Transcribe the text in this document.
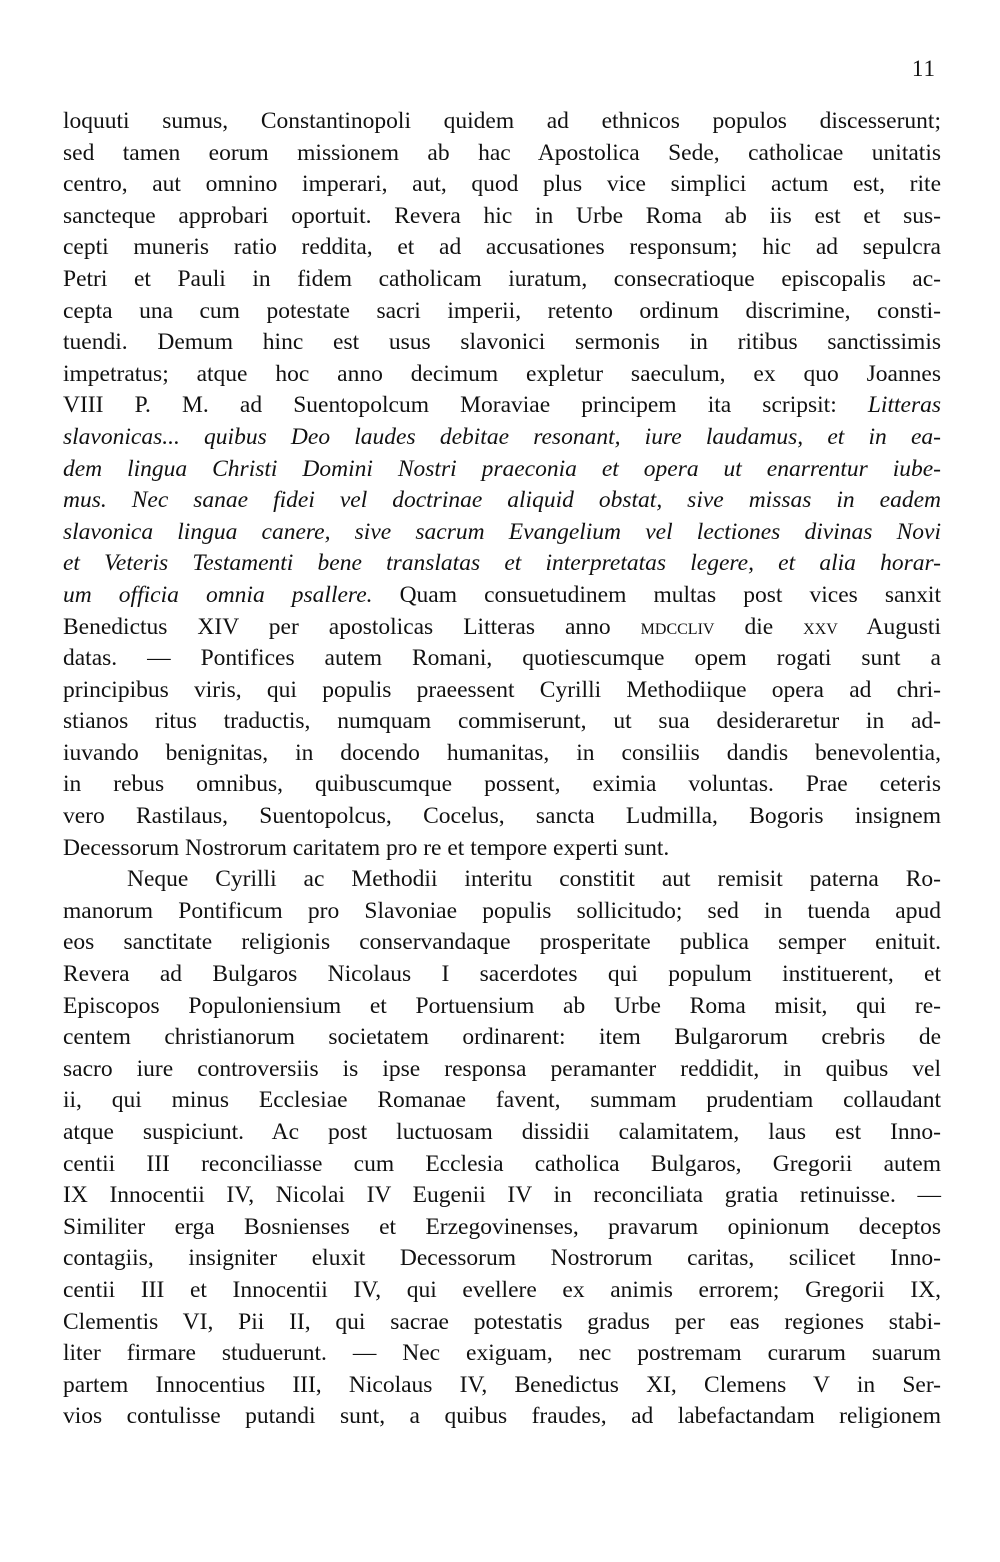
11
loquuti sumus, Constantinopoli quidem ad ethnicos populos discesserunt;
sed tamen eorum missionem ab hac Apostolica Sede, catholicae unitatis
centro, aut omnino imperari, aut, quod plus vice simplici actum est, rite
sancteque approbari oportuit. Revera hic in Urbe Roma ab iis est et sus-
cepti muneris ratio reddita, et ad accusationes responsum; hic ad sepulcra
Petri et Pauli in fidem catholicam iuratum, consecratioque episcopalis ac-
cepta una cum potestate sacri imperii, retento ordinum discrimine, consti-
tuendi. Demum hinc est usus slavonici sermonis in ritibus sanctissimis
impetratus; atque hoc anno decimum expletur saeculum, ex quo Joannes
VIII P. M. ad Suentopolcum Moraviae principem ita scripsit: Litteras
slavonicas... quibus Deo laudes debitae resonant, iure laudamus, et in ea-
dem lingua Christi Domini Nostri praeconia et opera ut enarrentur iube-
mus. Nec sanae fidei vel doctrinae aliquid obstat, sive missas in eadem
slavonica lingua canere, sive sacrum Evangelium vel lectiones divinas Novi
et Veteris Testamenti bene translatas et interpretatas legere, et alia horar-
um officia omnia psallere. Quam consuetudinem multas post vices sanxit
Benedictus XIV per apostolicas Litteras anno mdccliv die xxv Augusti
datas. — Pontifices autem Romani, quotiescumque opem rogati sunt a
principibus viris, qui populis praeessent Cyrilli Methodiique opera ad chri-
stianos ritus traductis, numquam commiserunt, ut sua desideraretur in ad-
iuvando benignitas, in docendo humanitas, in consiliis dandis benevolentia,
in rebus omnibus, quibuscumque possent, eximia voluntas. Prae ceteris
vero Rastilaus, Suentopolcus, Cocelus, sancta Ludmilla, Bogoris insignem
Decessorum Nostrorum caritatem pro re et tempore experti sunt.
Neque Cyrilli ac Methodii interitu constitit aut remisit paterna Ro-
manorum Pontificum pro Slavoniae populis sollicitudo; sed in tuenda apud
eos sanctitate religionis conservandaque prosperitate publica semper enituit.
Revera ad Bulgaros Nicolaus I sacerdotes qui populum instituerent, et
Episcopos Populoniensium et Portuensium ab Urbe Roma misit, qui re-
centem christianorum societatem ordinarent: item Bulgarorum crebris de
sacro iure controversiis is ipse responsa peramanter reddidit, in quibus vel
ii, qui minus Ecclesiae Romanae favent, summam prudentiam collaudant
atque suspiciunt. Ac post luctuosam dissidii calamitatem, laus est Inno-
centii III reconciliasse cum Ecclesia catholica Bulgaros, Gregorii autem
IX Innocentii IV, Nicolai IV Eugenii IV in reconciliata gratia retinuisse. —
Similiter erga Bosnienses et Erzegovinenses, pravarum opinionum deceptos
contagiis, insigniter eluxit Decessorum Nostrorum caritas, scilicet Inno-
centii III et Innocentii IV, qui evellere ex animis errorem; Gregorii IX,
Clementis VI, Pii II, qui sacrae potestatis gradus per eas regiones stabi-
liter firmare studuerunt. — Nec exiguam, nec postremam curarum suarum
partem Innocentius III, Nicolaus IV, Benedictus XI, Clemens V in Ser-
vios contulisse putandi sunt, a quibus fraudes, ad labefactandam religionem
